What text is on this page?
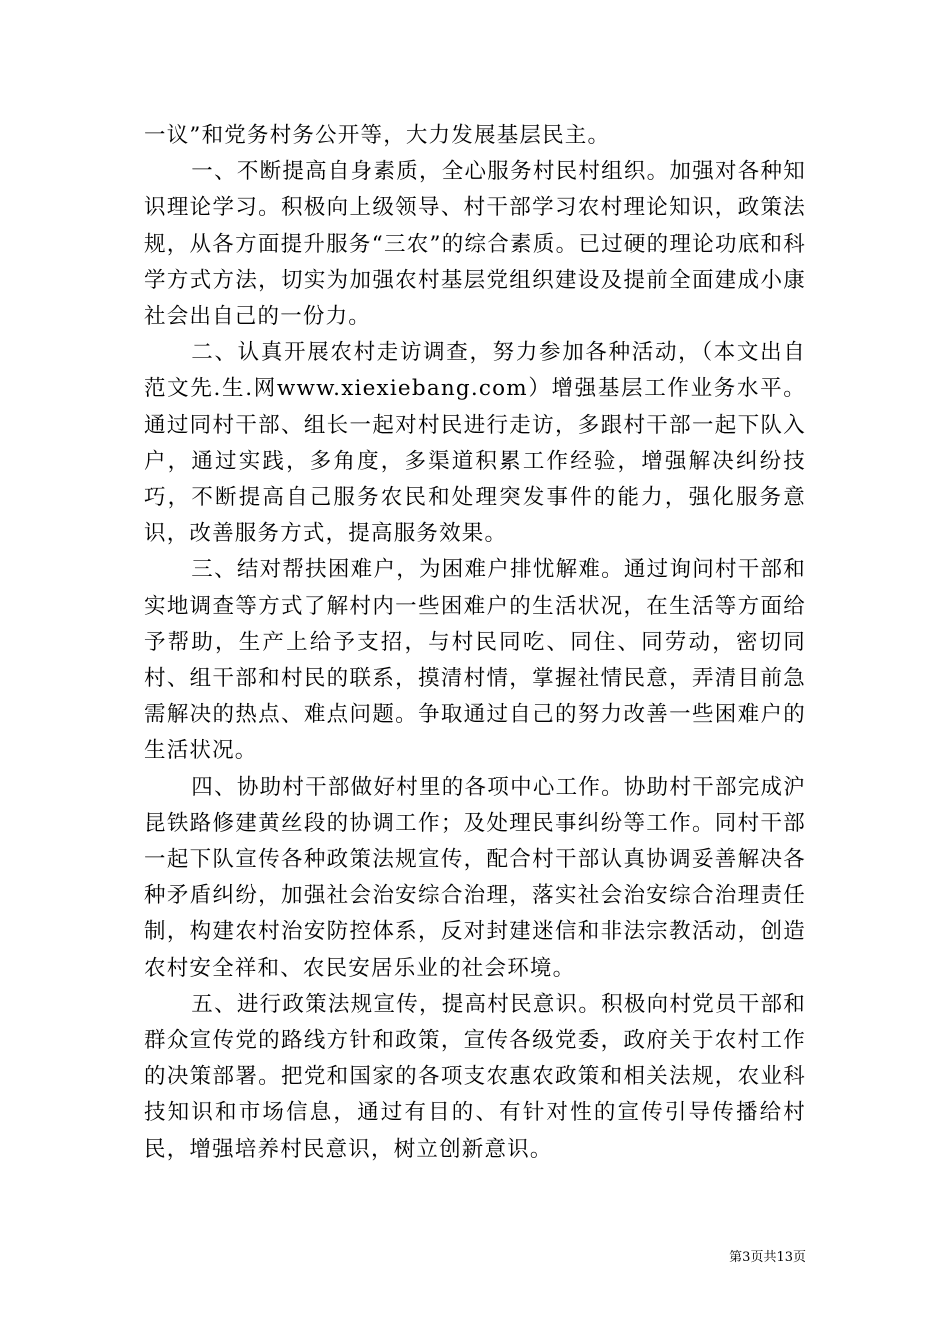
一议”和党务村务公开等，大力发展基层民主。

一、不断提高自身素质，全心服务村民村组织。加强对各种知识理论学习。积极向上级领导、村干部学习农村理论知识，政策法规，从各方面提升服务“三农”的综合素质。已过硬的理论功底和科学方式方法，切实为加强农村基层党组织建设及提前全面建成小康社会出自己的一份力。

二、认真开展农村走访调查，努力参加各种活动，（本文出自范文先.生.网www.xiexiebang.com）增强基层工作业务水平。通过同村干部、组长一起对村民进行走访，多跟村干部一起下队入户，通过实践，多角度，多渠道积累工作经验，增强解决纠纷技巧，不断提高自己服务农民和处理突发事件的能力，强化服务意识，改善服务方式，提高服务效果。

三、结对帮扶困难户，为困难户排忧解难。通过询问村干部和实地调查等方式了解村内一些困难户的生活状况，在生活等方面给予帮助，生产上给予支招，与村民同吃、同住、同劳动，密切同村、组干部和村民的联系，摸清村情，掌握社情民意，弄清目前急需解决的热点、难点问题。争取通过自己的努力改善一些困难户的生活状况。

四、协助村干部做好村里的各项中心工作。协助村干部完成沪昆铁路修建黄丝段的协调工作；及处理民事纠纷等工作。同村干部一起下队宣传各种政策法规宣传，配合村干部认真协调妥善解决各种矛盾纠纷，加强社会治安综合治理，落实社会治安综合治理责任制，构建农村治安防控体系，反对封建迷信和非法宗教活动，创造农村安全祥和、农民安居乐业的社会环境。

五、进行政策法规宣传，提高村民意识。积极向村党员干部和群众宣传党的路线方针和政策，宣传各级党委，政府关于农村工作的决策部署。把党和国家的各项支农惠农政策和相关法规，农业科技知识和市场信息，通过有目的、有针对性的宣传引导传播给村民，增强培养村民意识，树立创新意识。

第3页共13页
